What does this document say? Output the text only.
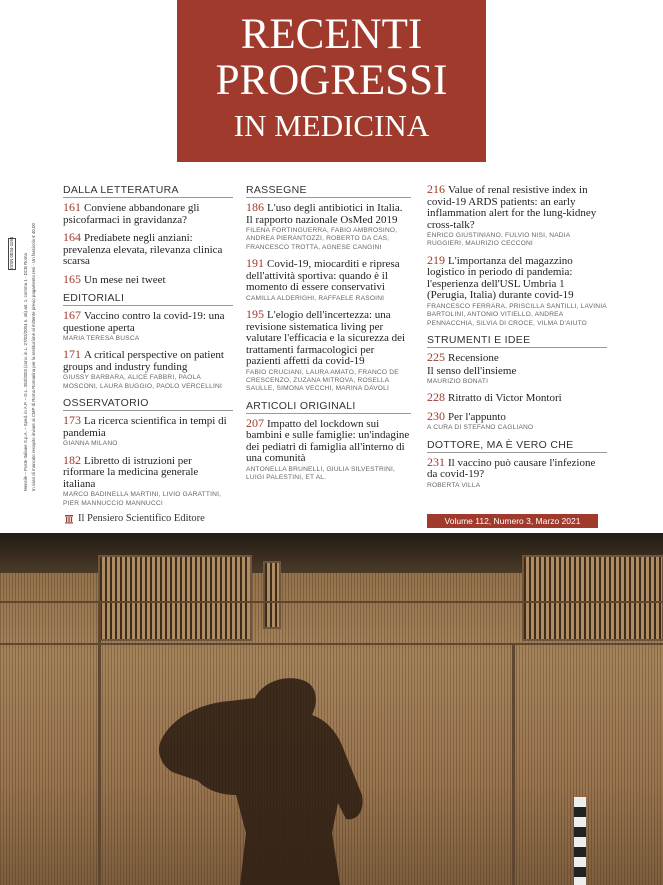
RECENTI
PROGRESSI
IN MEDICINA
Mensile – Poste Italiane S.p.A. – Sped. in A.P. – D.L. 353/2003 (conv. in L. 27/02/2004 n. 46) art. 1, comma 1 - DCB Roma In caso di mancato recapito inviare al CMP di Roma Romanina per la restituzione al mittente previo pagamento resi - Un fascicolo € 40,00
ISSN 0034-1193
DALLA LETTERATURA
161 Conviene abbandonare gli psicofarmaci in gravidanza?
164 Prediabete negli anziani: prevalenza elevata, rilevanza clinica scarsa
165 Un mese nei tweet
EDITORIALI
167 Vaccino contro la covid-19: una questione aperta
MARIA TERESA BUSCA
171 A critical perspective on patient groups and industry funding
GIUSSY BARBARA, ALICE FABBRI, PAOLA MOSCONI, LAURA BUGGIO, PAOLO VERCELLINI
OSSERVATORIO
173 La ricerca scientifica in tempi di pandemia
GIANNA MILANO
182 Libretto di istruzioni per riformare la medicina generale italiana
MARCO BADINELLA MARTINI, LIVIO GARATTINI, PIER MANNUCCIO MANNUCCI
RASSEGNE
186 L'uso degli antibiotici in Italia. Il rapporto nazionale OsMed 2019
FILENA FORTINGUERRA, FABIO AMBROSINO, ANDREA PIERANTOZZI, ROBERTO DA CAS, FRANCESCO TROTTA, AGNESE CANGINI
191 Covid-19, miocarditi e ripresa dell'attività sportiva: quando è il momento di essere conservativi
CAMILLA ALDERIGHI, RAFFAELE RASOINI
195 L'elogio dell'incertezza: una revisione sistematica living per valutare l'efficacia e la sicurezza dei trattamenti farmacologici per pazienti affetti da covid-19
FABIO CRUCIANI, LAURA AMATO, FRANCO DE CRESCENZO, ZUZANA MITROVA, ROSELLA SAULLE, SIMONA VECCHI, MARINA DAVOLI
ARTICOLI ORIGINALI
207 Impatto del lockdown sui bambini e sulle famiglie: un'indagine dei pediatri di famiglia all'interno di una comunità
ANTONELLA BRUNELLI, GIULIA SILVESTRINI, LUIGI PALESTINI, ET AL.
216 Value of renal resistive index in covid-19 ARDS patients: an early inflammation alert for the lung-kidney cross-talk?
ENRICO GIUSTINIANO, FULVIO NISI, NADIA RUGGIERI, MAURIZIO CECCONI
219 L'importanza del magazzino logistico in periodo di pandemia: l'esperienza dell'USL Umbria 1 (Perugia, Italia) durante covid-19
FRANCESCO FERRARA, PRISCILLA SANTILLI, LAVINIA BARTOLINI, ANTONIO VITIELLO, ANDREA PENNACCHIA, SILVIA DI CROCE, VILMA D'AIUTO
STRUMENTI E IDEE
225 Recensione
Il senso dell'insieme
MAURIZIO BONATI
228 Ritratto di Victor Montori
230 Per l'appunto
A CURA DI STEFANO CAGLIANO
DOTTORE, MA È VERO CHE
231 Il vaccino può causare l'infezione da covid-19?
ROBERTA VILLA
Il Pensiero Scientifico Editore	Volume 112, Numero 3, Marzo 2021
